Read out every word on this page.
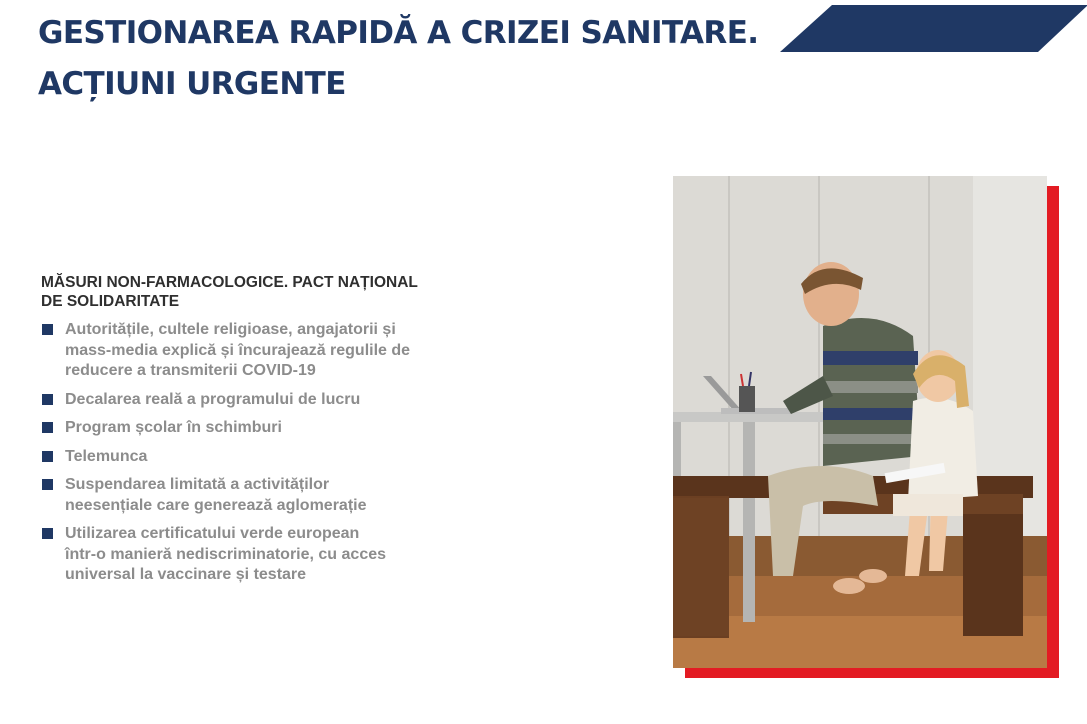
GESTIONAREA RAPIDĂ A CRIZEI SANITARE.
ACȚIUNI URGENTE
MĂSURI NON-FARMACOLOGICE. PACT NAȚIONAL
DE SOLIDARITATE
Autoritățile, cultele religioase, angajatorii și
mass-media explică și încurajează regulile de
reducere a transmiterii COVID-19
Decalarea reală a programului de lucru
Program școlar în schimburi
Telemunca
Suspendarea limitată a activităților
neesențiale care generează aglomerație
Utilizarea certificatului verde european
într-o manieră nediscriminatorie, cu acces
universal la vaccinare și testare
